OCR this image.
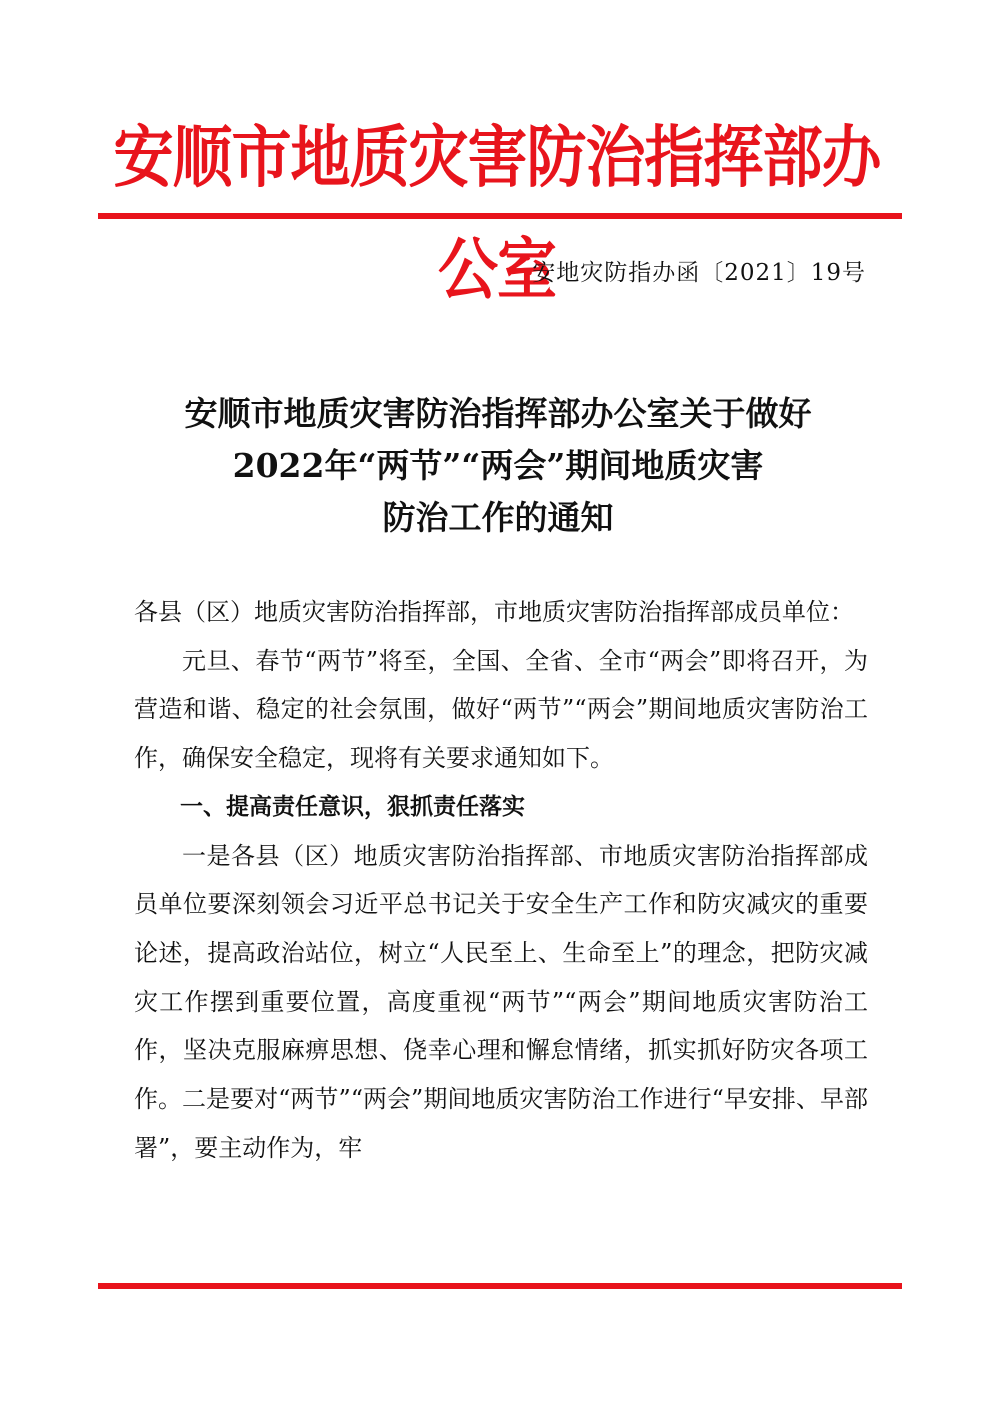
安顺市地质灾害防治指挥部办公室
安地灾防指办函〔2021〕19号
安顺市地质灾害防治指挥部办公室关于做好
2022年“两节”“两会”期间地质灾害
防治工作的通知

各县（区）地质灾害防治指挥部，市地质灾害防治指挥部成员单位：

元旦、春节“两节”将至，全国、全省、全市“两会”即将召开，为营造和谐、稳定的社会氛围，做好“两节”“两会”期间地质灾害防治工作，确保安全稳定，现将有关要求通知如下。

一、提高责任意识，狠抓责任落实

一是各县（区）地质灾害防治指挥部、市地质灾害防治指挥部成员单位要深刻领会习近平总书记关于安全生产工作和防灾减灾的重要论述，提高政治站位，树立“人民至上、生命至上”的理念，把防灾减灾工作摆到重要位置，高度重视“两节”“两会”期间地质灾害防治工作，坚决克服麻痹思想、侥幸心理和懈怠情绪，抓实抓好防灾各项工作。二是要对“两节”“两会”期间地质灾害防治工作进行“早安排、早部署”，要主动作为，牢
